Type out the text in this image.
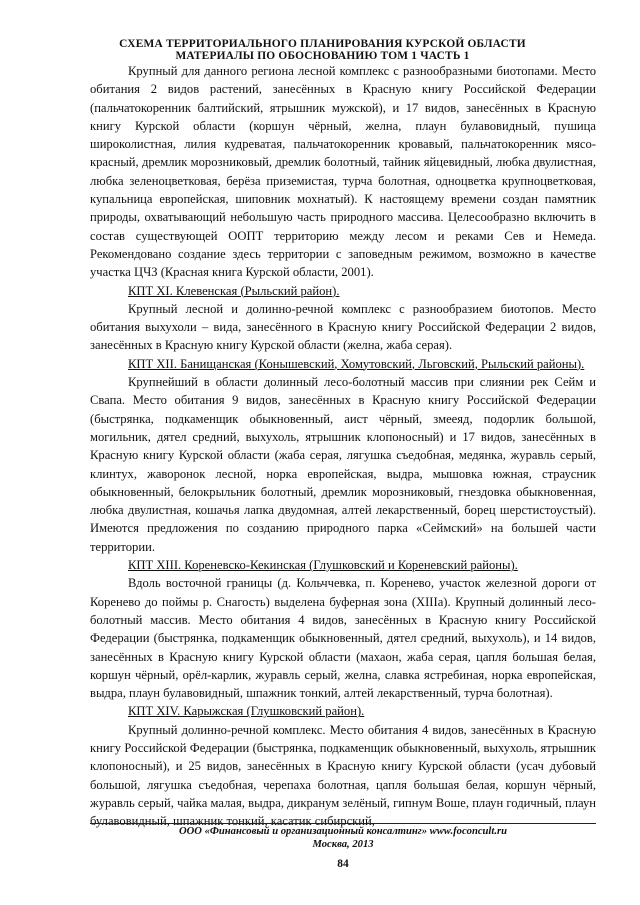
СХЕМА ТЕРРИТОРИАЛЬНОГО ПЛАНИРОВАНИЯ КУРСКОЙ ОБЛАСТИ
МАТЕРИАЛЫ ПО ОБОСНОВАНИЮ ТОМ 1 ЧАСТЬ 1

Крупный для данного региона лесной комплекс с разнообразными биотопами. Место обитания 2 видов растений, занесённых в Красную книгу Российской Федерации (пальчатокоренник балтийский, ятрышник мужской), и 17 видов, занесённых в Красную книгу Курской области (коршун чёрный, желна, плаун булавовидный, пушица широколистная, лилия кудреватая, пальчатокоренник кровавый, пальчатокоренник мясо-красный, дремлик морозниковый, дремлик болотный, тайник яйцевидный, любка двулистная, любка зеленоцветковая, берёза приземистая, турча болотная, одноцветка крупноцветковая, купальница европейская, шиповник мохнатый). К настоящему времени создан памятник природы, охватывающий небольшую часть природного массива. Целесообразно включить в состав существующей ООПТ территорию между лесом и реками Сев и Немеда. Рекомендовано создание здесь территории с заповедным режимом, возможно в качестве участка ЦЧЗ (Красная книга Курской области, 2001).

КПТ XI. Клевенская (Рыльский район).

Крупный лесной и долинно-речной комплекс с разнообразием биотопов. Место обитания выхухоли – вида, занесённого в Красную книгу Российской Федерации 2 видов, занесённых в Красную книгу Курской области (желна, жаба серая).

КПТ XII. Банищанская (Конышевский, Хомутовский, Льговский, Рыльский районы).

Крупнейший в области долинный лесо-болотный массив при слиянии рек Сейм и Свапа. Место обитания 9 видов, занесённых в Красную книгу Российской Федерации (быстрянка, подкаменщик обыкновенный, аист чёрный, змееяд, подорлик большой, могильник, дятел средний, выхухоль, ятрышник клопоносный) и 17 видов, занесённых в Красную книгу Курской области (жаба серая, лягушка съедобная, медянка, журавль серый, клинтух, жаворонок лесной, норка европейская, выдра, мышовка южная, страусник обыкновенный, белокрыльник болотный, дремлик морозниковый, гнездовка обыкновенная, любка двулистная, кошачья лапка двудомная, алтей лекарственный, борец шерстистоустый). Имеются предложения по созданию природного парка «Сеймский» на большей части территории.

КПТ XIII. Кореневско-Кекинская (Глушковский и Кореневский районы).

Вдоль восточной границы (д. Кольччевка, п. Коренево, участок железной дороги от Коренево до поймы р. Снагость) выделена буферная зона (XIIIа). Крупный долинный лесо-болотный массив. Место обитания 4 видов, занесённых в Красную книгу Российской Федерации (быстрянка, подкаменщик обыкновенный, дятел средний, выхухоль), и 14 видов, занесённых в Красную книгу Курской области (махаон, жаба серая, цапля большая белая, коршун чёрный, орёл-карлик, журавль серый, желна, славка ястребиная, норка европейская, выдра, плаун булавовидный, шпажник тонкий, алтей лекарственный, турча болотная).

КПТ XIV. Карыжская (Глушковский район).

Крупный долинно-речной комплекс. Место обитания 4 видов, занесённых в Красную книгу Российской Федерации (быстрянка, подкаменщик обыкновенный, выхухоль, ятрышник клопоносный), и 25 видов, занесённых в Красную книгу Курской области (усач дубовый большой, лягушка съедобная, черепаха болотная, цапля большая белая, коршун чёрный, журавль серый, чайка малая, выдра, дикранум зелёный, гипнум Воше, плаун годичный, плаун булавовидный, шпажник тонкий, касатик сибирский,

ООО «Финансовый и организационный консалтинг» www.foconcult.ru
Москва, 2013
84
